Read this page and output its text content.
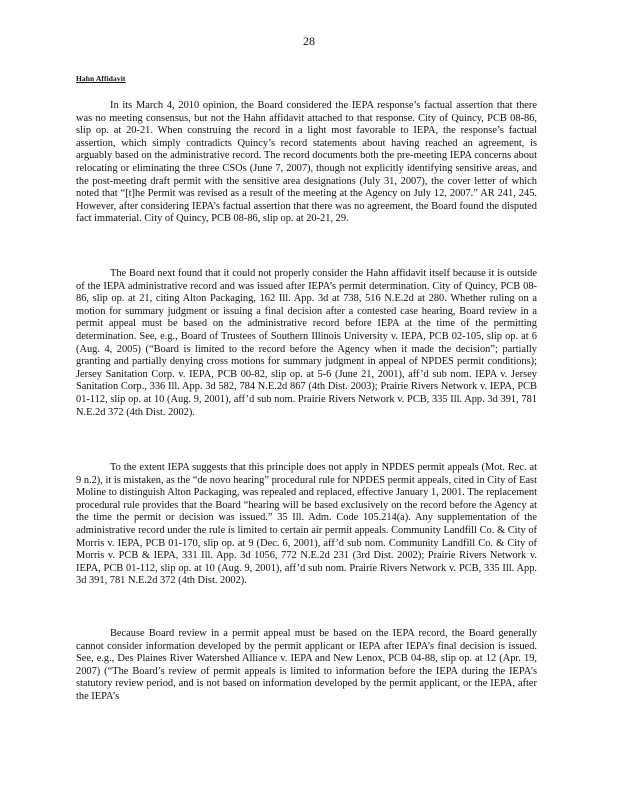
28
Hahn Affidavit

In its March 4, 2010 opinion, the Board considered the IEPA response’s factual assertion that there was no meeting consensus, but not the Hahn affidavit attached to that response. City of Quincy, PCB 08-86, slip op. at 20-21. When construing the record in a light most favorable to IEPA, the response’s factual assertion, which simply contradicts Quincy’s record statements about having reached an agreement, is arguably based on the administrative record. The record documents both the pre-meeting IEPA concerns about relocating or eliminating the three CSOs (June 7, 2007), though not explicitly identifying sensitive areas, and the post-meeting draft permit with the sensitive area designations (July 31, 2007), the cover letter of which noted that “[t]he Permit was revised as a result of the meeting at the Agency on July 12, 2007.” AR 241, 245. However, after considering IEPA’s factual assertion that there was no agreement, the Board found the disputed fact immaterial. City of Quincy, PCB 08-86, slip op. at 20-21, 29.

The Board next found that it could not properly consider the Hahn affidavit itself because it is outside of the IEPA administrative record and was issued after IEPA’s permit determination. City of Quincy, PCB 08-86, slip op. at 21, citing Alton Packaging, 162 Ill. App. 3d at 738, 516 N.E.2d at 280. Whether ruling on a motion for summary judgment or issuing a final decision after a contested case hearing, Board review in a permit appeal must be based on the administrative record before IEPA at the time of the permitting determination. See, e.g., Board of Trustees of Southern Illinois University v. IEPA, PCB 02-105, slip op. at 6 (Aug. 4, 2005) (“Board is limited to the record before the Agency when it made the decision”; partially granting and partially denying cross motions for summary judgment in appeal of NPDES permit conditions); Jersey Sanitation Corp. v. IEPA, PCB 00-82, slip op. at 5-6 (June 21, 2001), aff’d sub nom. IEPA v. Jersey Sanitation Corp., 336 Ill. App. 3d 582, 784 N.E.2d 867 (4th Dist. 2003); Prairie Rivers Network v. IEPA, PCB 01-112, slip op. at 10 (Aug. 9, 2001), aff’d sub nom. Prairie Rivers Network v. PCB, 335 Ill. App. 3d 391, 781 N.E.2d 372 (4th Dist. 2002).

To the extent IEPA suggests that this principle does not apply in NPDES permit appeals (Mot. Rec. at 9 n.2), it is mistaken, as the “de novo hearing” procedural rule for NPDES permit appeals, cited in City of East Moline to distinguish Alton Packaging, was repealed and replaced, effective January 1, 2001. The replacement procedural rule provides that the Board “hearing will be based exclusively on the record before the Agency at the time the permit or decision was issued.” 35 Ill. Adm. Code 105.214(a). Any supplementation of the administrative record under the rule is limited to certain air permit appeals. Community Landfill Co. & City of Morris v. IEPA, PCB 01-170, slip op. at 9 (Dec. 6, 2001), aff’d sub nom. Community Landfill Co. & City of Morris v. PCB & IEPA, 331 Ill. App. 3d 1056, 772 N.E.2d 231 (3rd Dist. 2002); Prairie Rivers Network v. IEPA, PCB 01-112, slip op. at 10 (Aug. 9, 2001), aff’d sub nom. Prairie Rivers Network v. PCB, 335 Ill. App. 3d 391, 781 N.E.2d 372 (4th Dist. 2002).

Because Board review in a permit appeal must be based on the IEPA record, the Board generally cannot consider information developed by the permit applicant or IEPA after IEPA’s final decision is issued. See, e.g., Des Plaines River Watershed Alliance v. IEPA and New Lenox, PCB 04-88, slip op. at 12 (Apr. 19, 2007) (“The Board’s review of permit appeals is limited to information before the IEPA during the IEPA’s statutory review period, and is not based on information developed by the permit applicant, or the IEPA, after the IEPA’s
